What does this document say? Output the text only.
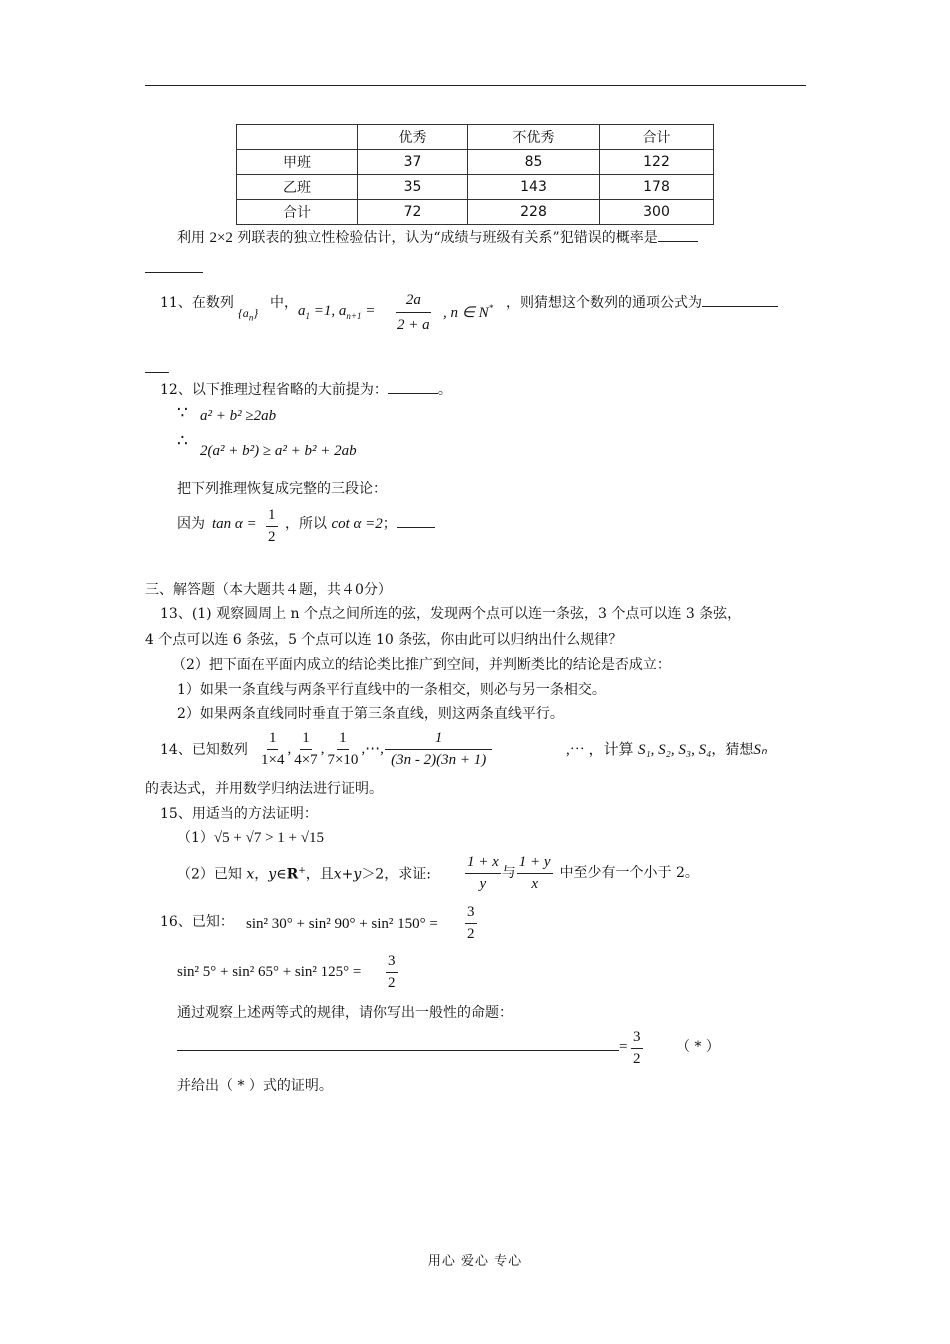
	优秀	不优秀	合计
甲班	37	85	122
乙班	35	143	178
合计	72	228	300
利用 2×2 列联表的独立性检验估计，认为“成绩与班级有关系”犯错误的概率是
11、在数列
$\{a_n\}$
中， $a_1 =1$, $a_{n+1} = \frac{2a}{2 + a}$ , n ∈ N* ，则猜想这个数列的通项公式为
12、以下推理过程省略的大前提为：	。
∵ a² + b² ≥2ab
∴ 2(a² + b²) ≥ a² + b² + 2ab
把下列推理恢复成完整的三段论：
因为 $\tan \alpha = \frac{1}{2}$ ，所以 cot α =2；
三、解答题（本大题共４题，共４0分）
13、(1) 观察圆周上 n 个点之间所连的弦，发现两个点可以连一条弦，3 个点可以连 3 条弦，
4 个点可以连 6 条弦，5 个点可以连 10 条弦，你由此可以归纳出什么规律？
（2）把下面在平面内成立的结论类比推广到空间，并判断类比的结论是否成立：
1）如果一条直线与两条平行直线中的一条相交，则必与另一条相交。
2）如果两条直线同时垂直于第三条直线，则这两条直线平行。
14、已知数列 $\frac{1}{1\times 4}$ , $\frac{1}{4\times 7}$ , $\frac{1}{7\times 10}$ ,⋯, $\frac{1}{(3n - 2)(3n + 1)}$	,⋯ ，计算 S₁, S₂, S₃, S₄，猜想Sₙ
的表达式，并用数学归纳法进行证明。
15、用适当的方法证明：
（1）√5 + √7 > 1 + √15
（2）已知 x，y∈R+，且x+y＞2，求证: $\frac{1 + x}{y}$ 与 $\frac{1 + y}{x}$ 中至少有一个小于 2。
16、已知： sin² 30° + sin² 90° + sin² $150^\circ = \frac{3}{2}$
sin² 5° + sin² 65° + sin² $125^\circ = \frac{3}{2}$
通过观察上述两等式的规律，请你写出一般性的命题：
= $\frac{3}{2}$ （ * ）
并给出（ * ）式的证明。
用心 爱心 专心
